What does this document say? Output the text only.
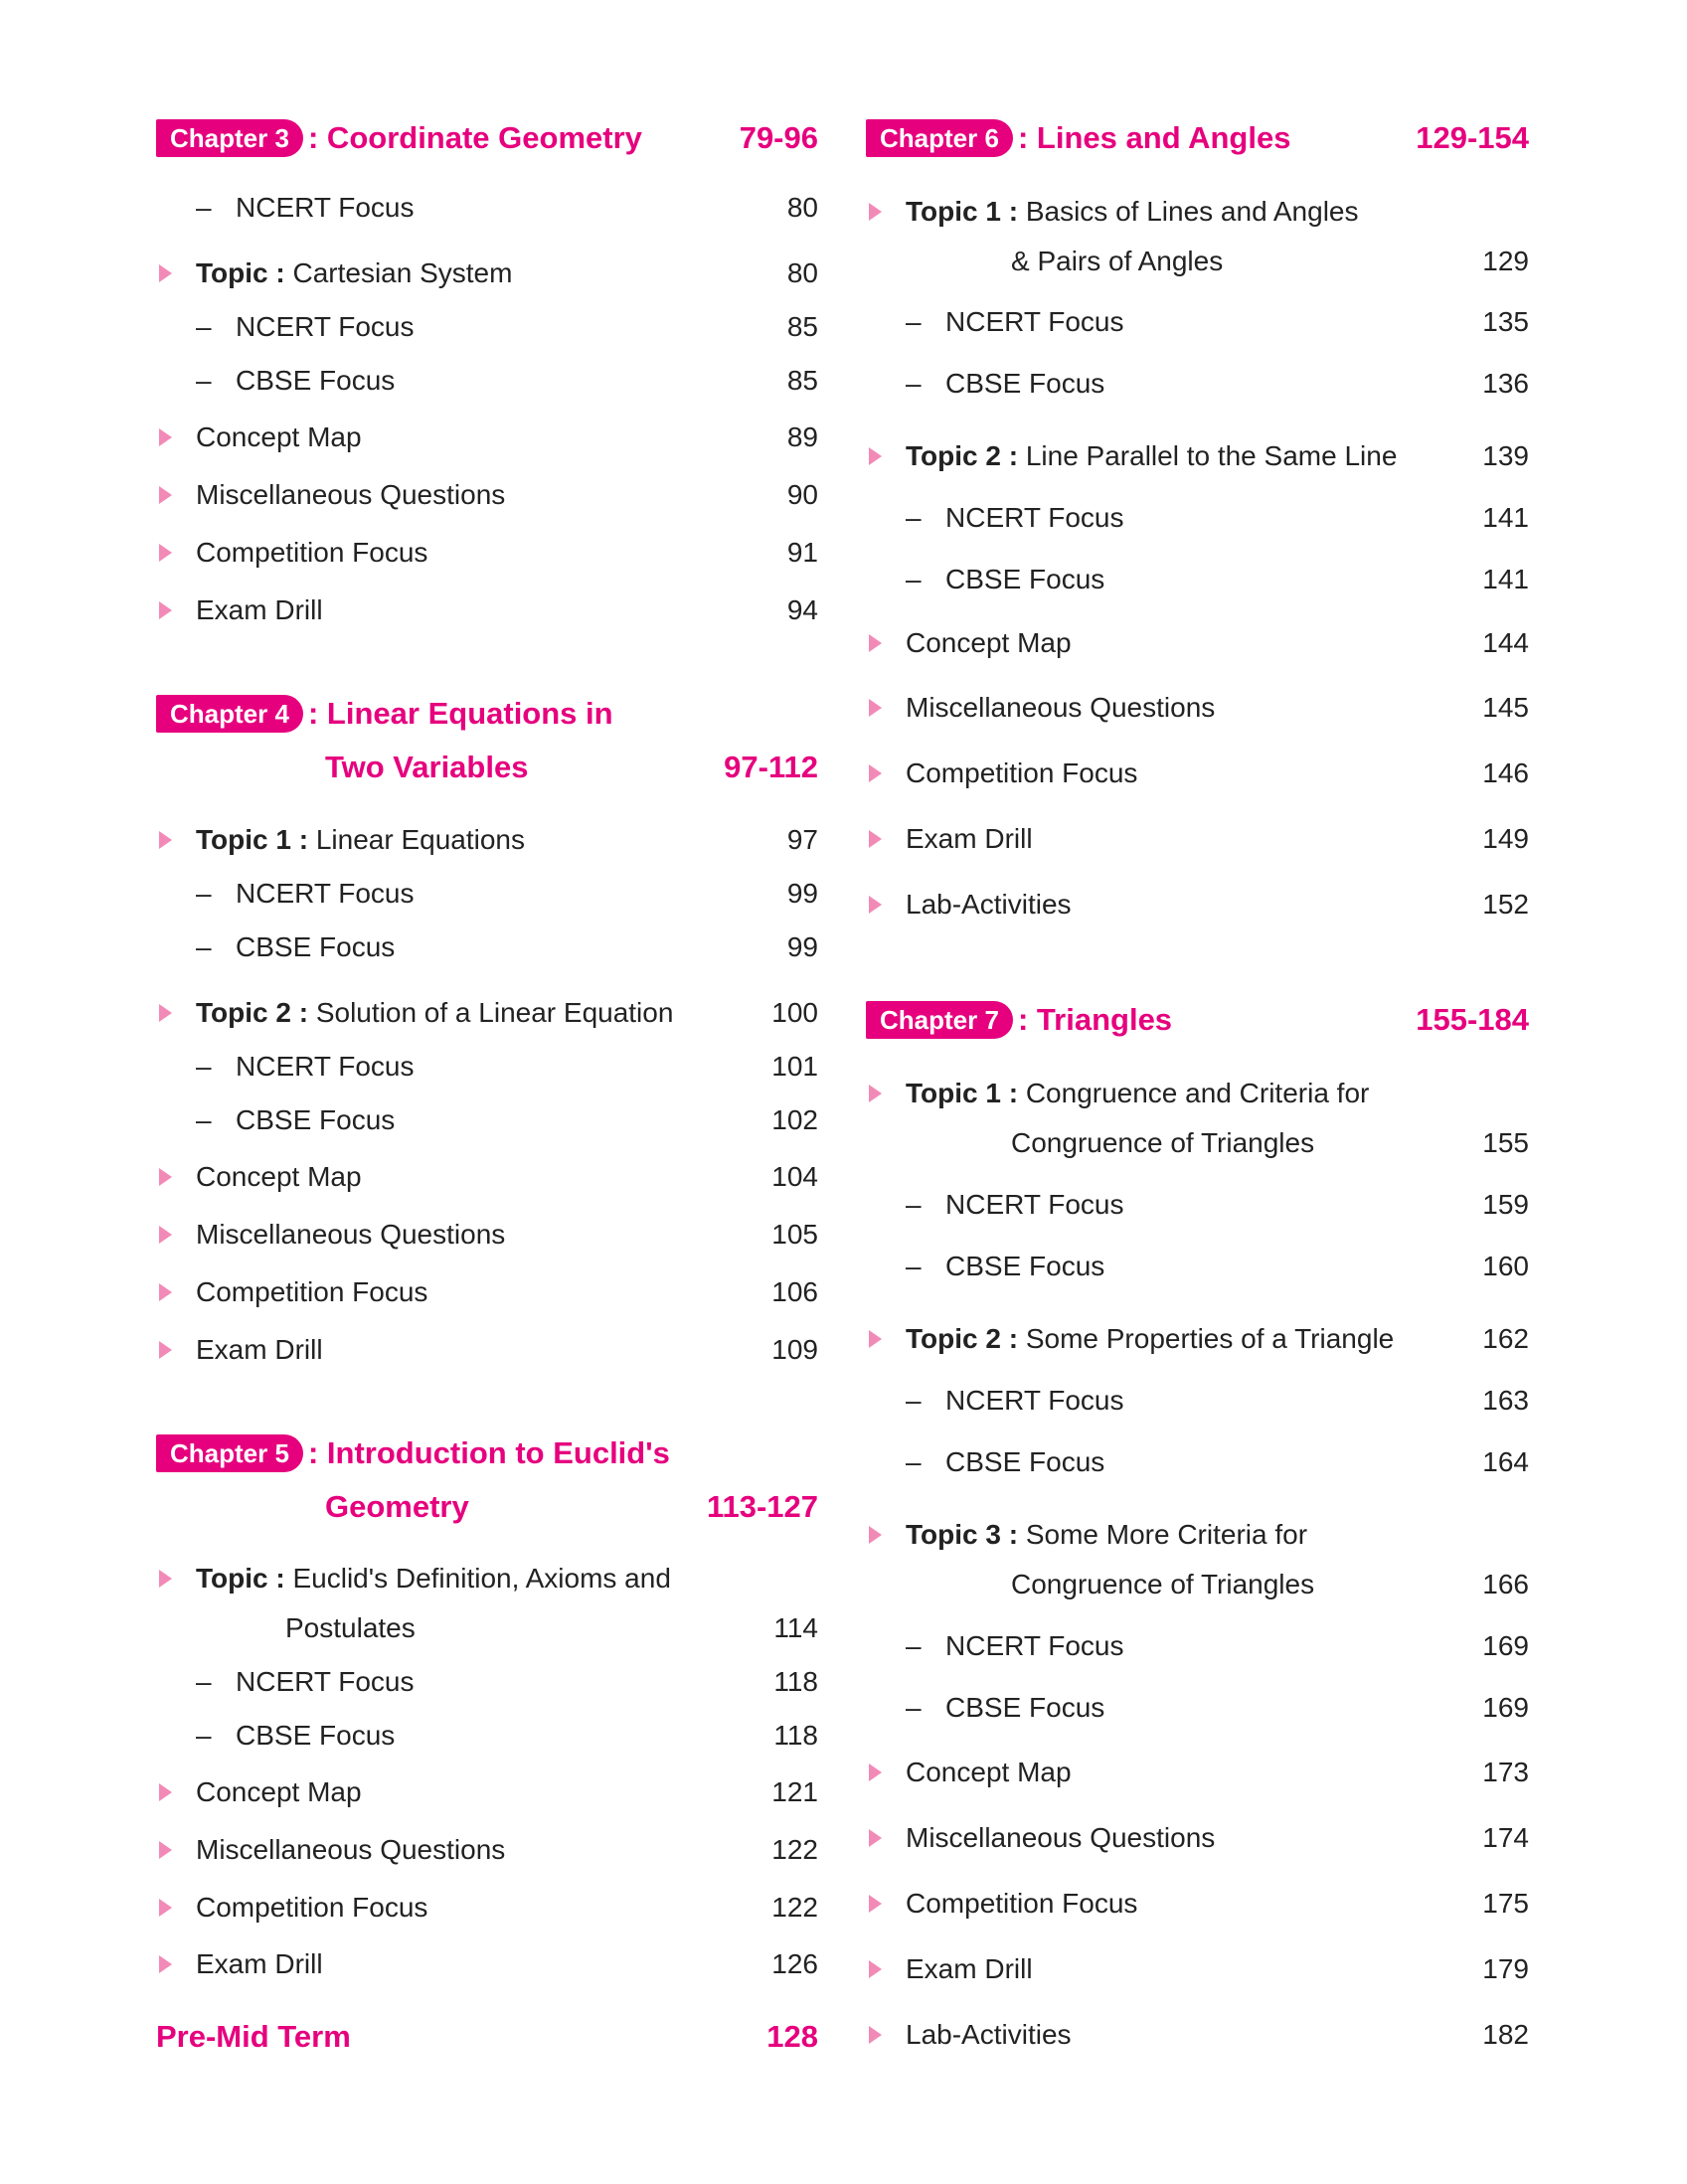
Chapter 3 : Coordinate Geometry	79-96
– NCERT Focus	80
Topic : Cartesian System	80
– NCERT Focus	85
– CBSE Focus	85
Concept Map	89
Miscellaneous Questions	90
Competition Focus	91
Exam Drill	94
Chapter 4 : Linear Equations in
Two Variables	97-112
Topic 1 : Linear Equations	97
– NCERT Focus	99
– CBSE Focus	99
Topic 2 : Solution of a Linear Equation	100
– NCERT Focus	101
– CBSE Focus	102
Concept Map	104
Miscellaneous Questions	105
Competition Focus	106
Exam Drill	109
Chapter 5 : Introduction to Euclid's
Geometry	113-127
Topic : Euclid's Definition, Axioms and
Postulates	114
– NCERT Focus	118
– CBSE Focus	118
Concept Map	121
Miscellaneous Questions	122
Competition Focus	122
Exam Drill	126
Pre-Mid Term	128
Chapter 6 : Lines and Angles	129-154
Topic 1 : Basics of Lines and Angles
& Pairs of Angles	129
– NCERT Focus	135
– CBSE Focus	136
Topic 2 : Line Parallel to the Same Line	139
– NCERT Focus	141
– CBSE Focus	141
Concept Map	144
Miscellaneous Questions	145
Competition Focus	146
Exam Drill	149
Lab-Activities	152
Chapter 7 : Triangles	155-184
Topic 1 : Congruence and Criteria for
Congruence of Triangles	155
– NCERT Focus	159
– CBSE Focus	160
Topic 2 : Some Properties of a Triangle	162
– NCERT Focus	163
– CBSE Focus	164
Topic 3 : Some More Criteria for
Congruence of Triangles	166
– NCERT Focus	169
– CBSE Focus	169
Concept Map	173
Miscellaneous Questions	174
Competition Focus	175
Exam Drill	179
Lab-Activities	182
